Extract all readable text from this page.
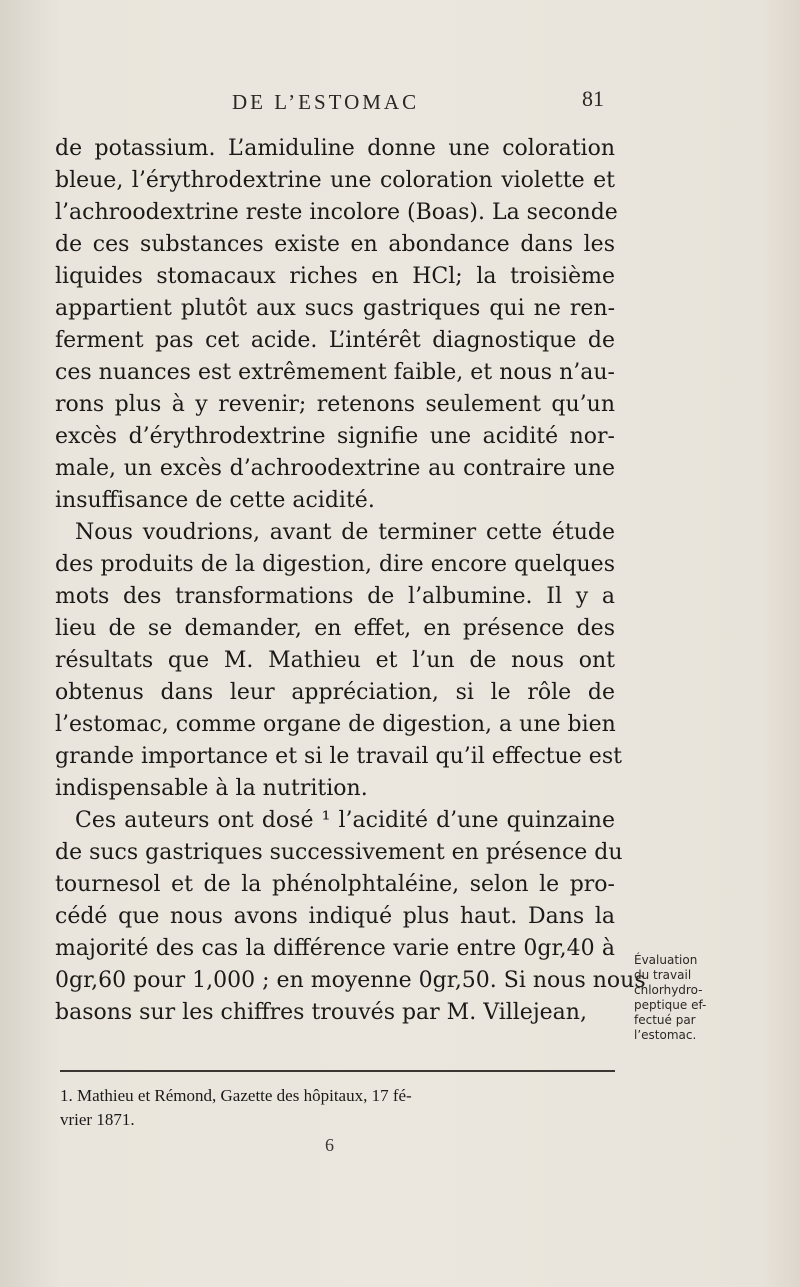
DE L’ESTOMAC	81
de potassium. L’amiduline donne une coloration
bleue, l’érythrodextrine une coloration violette et
l’achroodextrine reste incolore (Boas). La seconde
de ces substances existe en abondance dans les
liquides stomacaux riches en HCl; la troisième
appartient plutôt aux sucs gastriques qui ne ren-
ferment pas cet acide. L’intérêt diagnostique de
ces nuances est extrêmement faible, et nous n’au-
rons plus à y revenir; retenons seulement qu’un
excès d’érythrodextrine signifie une acidité nor-
male, un excès d’achroodextrine au contraire une
insuffisance de cette acidité.
Nous voudrions, avant de terminer cette étude
des produits de la digestion, dire encore quelques
mots des transformations de l’albumine. Il y a
lieu de se demander, en effet, en présence des
résultats que M. Mathieu et l’un de nous ont
obtenus dans leur appréciation, si le rôle de
l’estomac, comme organe de digestion, a une bien
grande importance et si le travail qu’il effectue est
indispensable à la nutrition.
Ces auteurs ont dosé ¹ l’acidité d’une quinzaine
de sucs gastriques successivement en présence du
tournesol et de la phénolphtaléine, selon le pro-
cédé que nous avons indiqué plus haut. Dans la
majorité des cas la différence varie entre 0gr,40 à
0gr,60 pour 1,000 ; en moyenne 0gr,50. Si nous nous
basons sur les chiffres trouvés par M. Villejean,
Évaluation
du travail
chlorhydro-
peptique ef-
fectué par
l’estomac.
1. Mathieu et Rémond, Gazette des hôpitaux, 17 fé-
vrier 1871.
6
